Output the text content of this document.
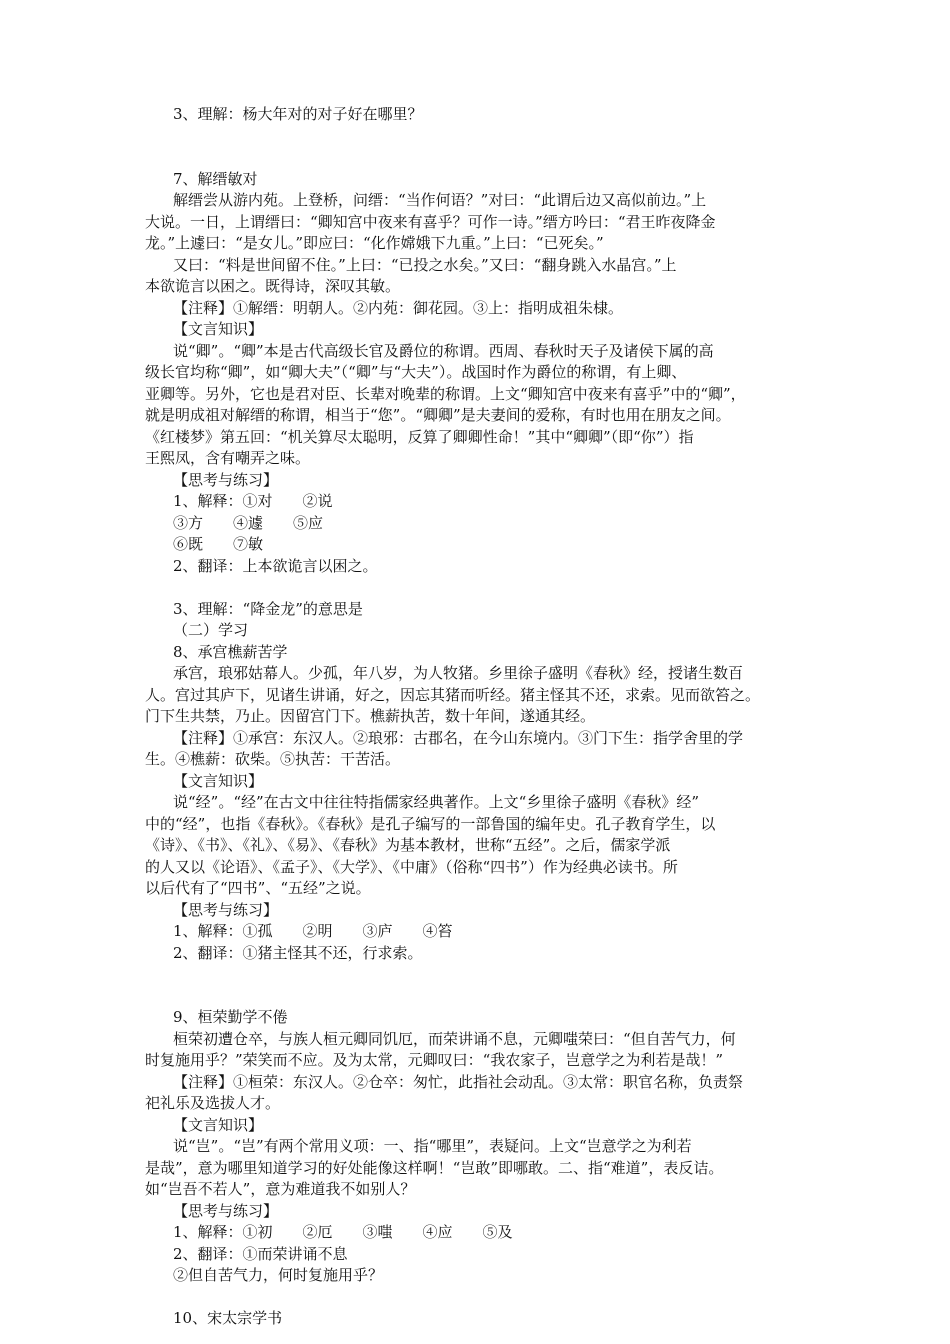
3、理解：杨大年对的对子好在哪里？
7、解缙敏对
解缙尝从游内苑。上登桥，问缙：“当作何语？”对曰：“此谓后边又高似前边。”上
大说。一日，上谓缙曰：“卿知宫中夜来有喜乎？可作一诗。”缙方吟曰：“君王昨夜降金
龙。”上遽曰：“是女儿。”即应曰：“化作嫦娥下九重。”上曰：“已死矣。”
又曰：“料是世间留不住。”上曰：“已投之水矣。”又曰：“翻身跳入水晶宫。”上
本欲诡言以困之。既得诗，深叹其敏。
【注释】①解缙：明朝人。②内苑：御花园。③上：指明成祖朱棣。
【文言知识】
说“卿”。“卿”本是古代高级长官及爵位的称谓。西周、春秋时天子及诸侯下属的高
级长官均称“卿”，如“卿大夫”（“卿”与“大夫”）。战国时作为爵位的称谓，有上卿、
亚卿等。另外，它也是君对臣、长辈对晚辈的称谓。上文“卿知宫中夜来有喜乎”中的“卿”，
就是明成祖对解缙的称谓，相当于“您”。“卿卿”是夫妻间的爱称，有时也用在朋友之间。
《红楼梦》第五回：“机关算尽太聪明，反算了卿卿性命！”其中“卿卿”（即“你”）指
王熙凤，含有嘲弄之味。
【思考与练习】
1、解释：①对　　②说
③方　　④遽　　⑤应
⑥既　　⑦敏
2、翻译：上本欲诡言以困之。
3、理解：“降金龙”的意思是
（二）学习
8、承宫樵薪苦学
承宫，琅邪姑幕人。少孤，年八岁，为人牧猪。乡里徐子盛明《春秋》经，授诸生数百
人。宫过其庐下，见诸生讲诵，好之，因忘其猪而听经。猪主怪其不还，求索。见而欲笞之。
门下生共禁，乃止。因留宫门下。樵薪执苦，数十年间，遂通其经。
【注释】①承宫：东汉人。②琅邪：古郡名，在今山东境内。③门下生：指学舍里的学
生。④樵薪：砍柴。⑤执苦：干苦活。
【文言知识】
说“经”。“经”在古文中往往特指儒家经典著作。上文“乡里徐子盛明《春秋》经”
中的“经”，也指《春秋》。《春秋》是孔子编写的一部鲁国的编年史。孔子教育学生，以
《诗》、《书》、《礼》、《易》、《春秋》为基本教材，世称“五经”。之后，儒家学派
的人又以《论语》、《孟子》、《大学》、《中庸》（俗称“四书”）作为经典必读书。所
以后代有了“四书”、“五经”之说。
【思考与练习】
1、解释：①孤　　②明　　③庐　　④笞
2、翻译：①猪主怪其不还，行求索。
9、桓荣勤学不倦
桓荣初遭仓卒，与族人桓元卿同饥厄，而荣讲诵不息，元卿嗤荣曰：“但自苦气力，何
时复施用乎？”荣笑而不应。及为太常，元卿叹曰：“我农家子，岂意学之为利若是哉！”
【注释】①桓荣：东汉人。②仓卒：匆忙，此指社会动乱。③太常：职官名称，负责祭
祀礼乐及选拔人才。
【文言知识】
说“岂”。“岂”有两个常用义项：一、指“哪里”，表疑问。上文“岂意学之为利若
是哉”，意为哪里知道学习的好处能像这样啊！“岂敢”即哪敢。二、指“难道”，表反诘。
如“岂吾不若人”，意为难道我不如别人？
【思考与练习】
1、解释：①初　　②厄　　③嗤　　④应　　⑤及
2、翻译：①而荣讲诵不息
②但自苦气力，何时复施用乎？
10、宋太宗学书
